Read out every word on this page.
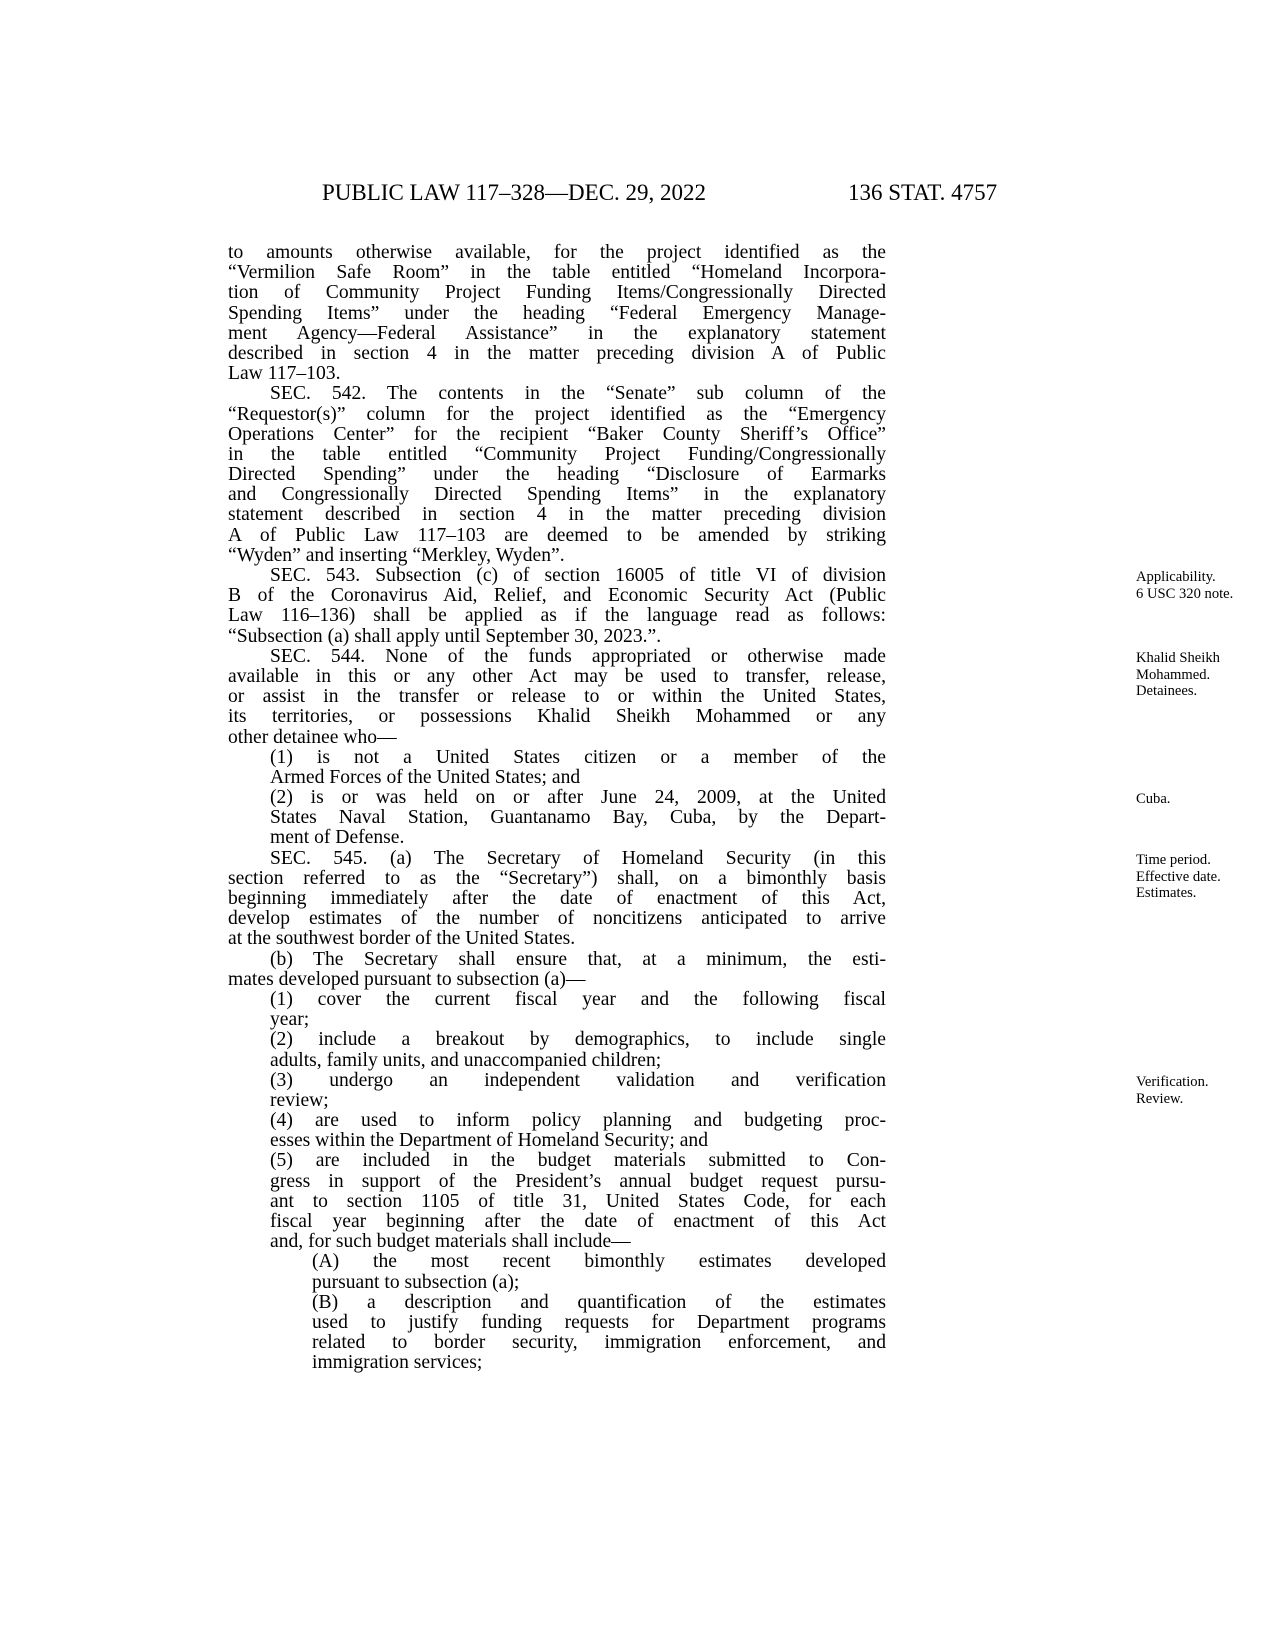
PUBLIC LAW 117–328—DEC. 29, 2022	136 STAT. 4757
Applicability.
6 USC 320 note.
Khalid Sheikh
Mohammed.
Detainees.
Cuba.
Time period.
Effective date.
Estimates.
Verification.
Review.
to amounts otherwise available, for the project identified as the
“Vermilion Safe Room” in the table entitled “Homeland Incorpora-
tion of Community Project Funding Items/Congressionally Directed
Spending Items” under the heading “Federal Emergency Manage-
ment Agency—Federal Assistance” in the explanatory statement
described in section 4 in the matter preceding division A of Public
Law 117–103.
SEC. 542. The contents in the “Senate” sub column of the
“Requestor(s)” column for the project identified as the “Emergency
Operations Center” for the recipient “Baker County Sheriff’s Office”
in the table entitled “Community Project Funding/Congressionally
Directed Spending” under the heading “Disclosure of Earmarks
and Congressionally Directed Spending Items” in the explanatory
statement described in section 4 in the matter preceding division
A of Public Law 117–103 are deemed to be amended by striking
“Wyden” and inserting “Merkley, Wyden”.
SEC. 543. Subsection (c) of section 16005 of title VI of division
B of the Coronavirus Aid, Relief, and Economic Security Act (Public
Law 116–136) shall be applied as if the language read as follows:
“Subsection (a) shall apply until September 30, 2023.”.
SEC. 544. None of the funds appropriated or otherwise made
available in this or any other Act may be used to transfer, release,
or assist in the transfer or release to or within the United States,
its territories, or possessions Khalid Sheikh Mohammed or any
other detainee who—
(1) is not a United States citizen or a member of the
Armed Forces of the United States; and
(2) is or was held on or after June 24, 2009, at the United
States Naval Station, Guantanamo Bay, Cuba, by the Depart-
ment of Defense.
SEC. 545. (a) The Secretary of Homeland Security (in this
section referred to as the “Secretary”) shall, on a bimonthly basis
beginning immediately after the date of enactment of this Act,
develop estimates of the number of noncitizens anticipated to arrive
at the southwest border of the United States.
(b) The Secretary shall ensure that, at a minimum, the esti-
mates developed pursuant to subsection (a)—
(1) cover the current fiscal year and the following fiscal
year;
(2) include a breakout by demographics, to include single
adults, family units, and unaccompanied children;
(3) undergo an independent validation and verification
review;
(4) are used to inform policy planning and budgeting proc-
esses within the Department of Homeland Security; and
(5) are included in the budget materials submitted to Con-
gress in support of the President’s annual budget request pursu-
ant to section 1105 of title 31, United States Code, for each
fiscal year beginning after the date of enactment of this Act
and, for such budget materials shall include—
(A) the most recent bimonthly estimates developed
pursuant to subsection (a);
(B) a description and quantification of the estimates
used to justify funding requests for Department programs
related to border security, immigration enforcement, and
immigration services;
